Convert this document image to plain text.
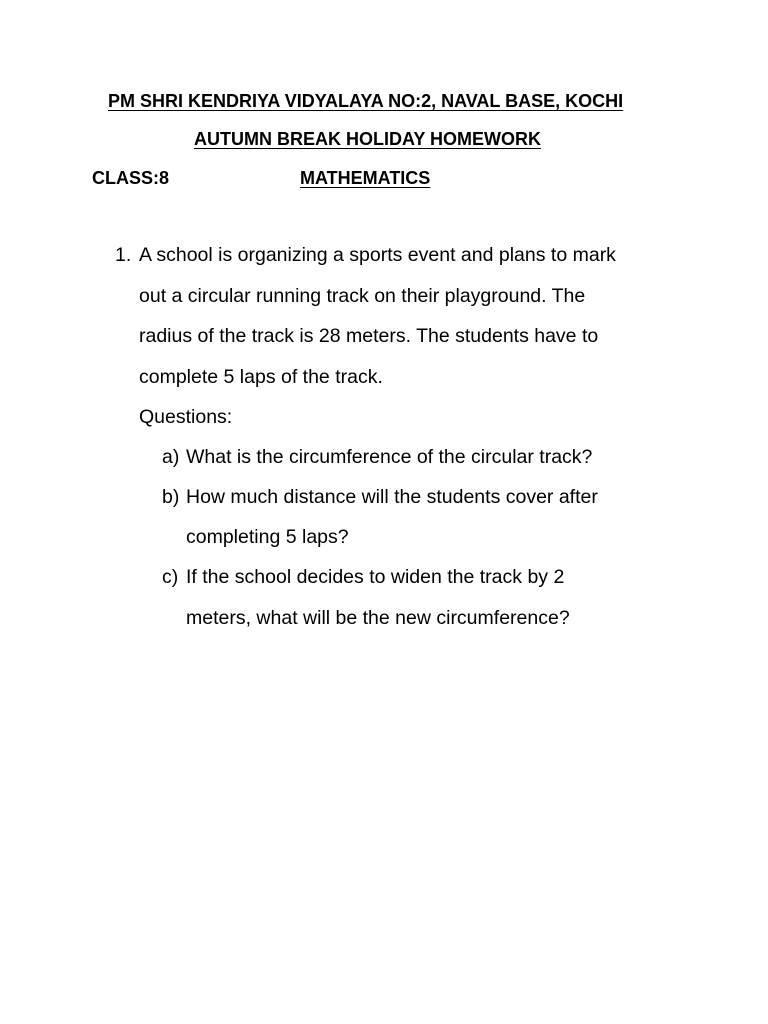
PM SHRI KENDRIYA VIDYALAYA NO:2, NAVAL BASE, KOCHI
AUTUMN BREAK HOLIDAY HOMEWORK
CLASS:8	MATHEMATICS
1. A school is organizing a sports event and plans to mark
out a circular running track on their playground. The
radius of the track is 28 meters. The students have to
complete 5 laps of the track.
Questions:
a) What is the circumference of the circular track?
b) How much distance will the students cover after
completing 5 laps?
c) If the school decides to widen the track by 2
meters, what will be the new circumference?
